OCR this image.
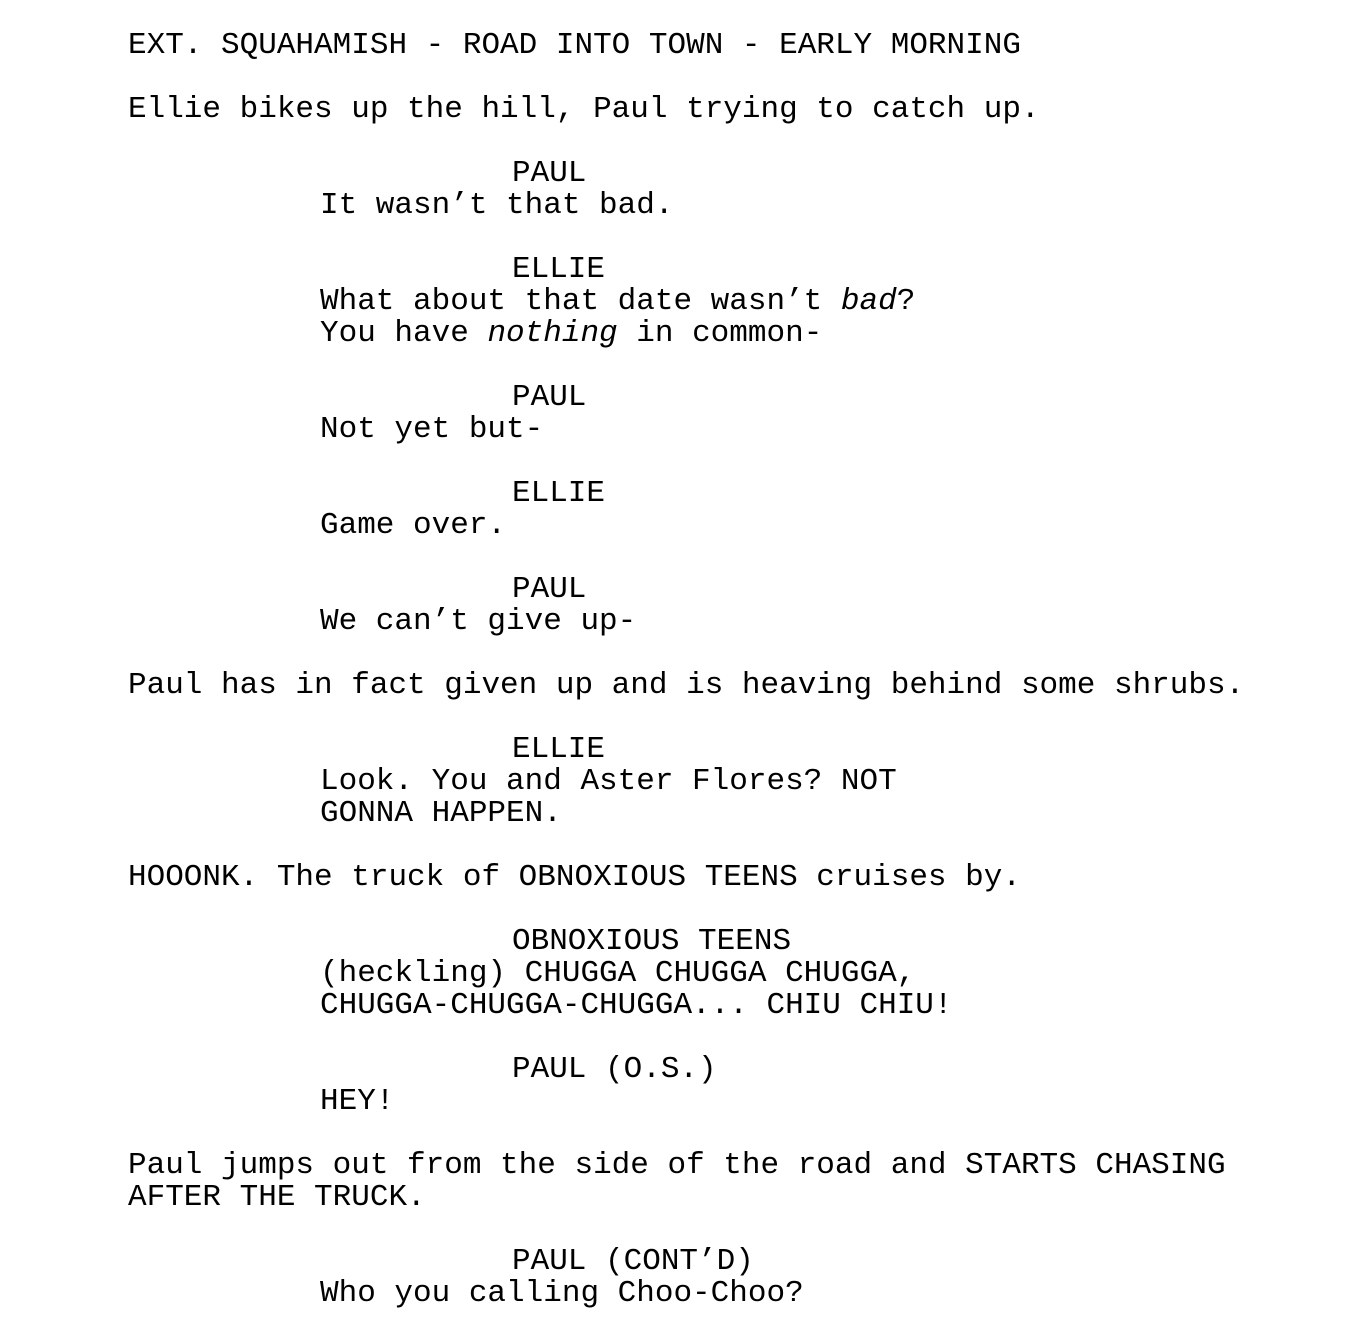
EXT. SQUAHAMISH - ROAD INTO TOWN - EARLY MORNING
Ellie bikes up the hill, Paul trying to catch up.
PAUL
It wasn’t that bad.
ELLIE
What about that date wasn’t bad?
You have nothing in common-
PAUL
Not yet but-
ELLIE
Game over.
PAUL
We can’t give up-
Paul has in fact given up and is heaving behind some shrubs.
ELLIE
Look. You and Aster Flores? NOT
GONNA HAPPEN.
HOOONK. The truck of OBNOXIOUS TEENS cruises by.
OBNOXIOUS TEENS
(heckling) CHUGGA CHUGGA CHUGGA,
CHUGGA-CHUGGA-CHUGGA... CHIU CHIU!
PAUL (O.S.)
HEY!
Paul jumps out from the side of the road and STARTS CHASING
AFTER THE TRUCK.
PAUL (CONT’D)
Who you calling Choo-Choo?
